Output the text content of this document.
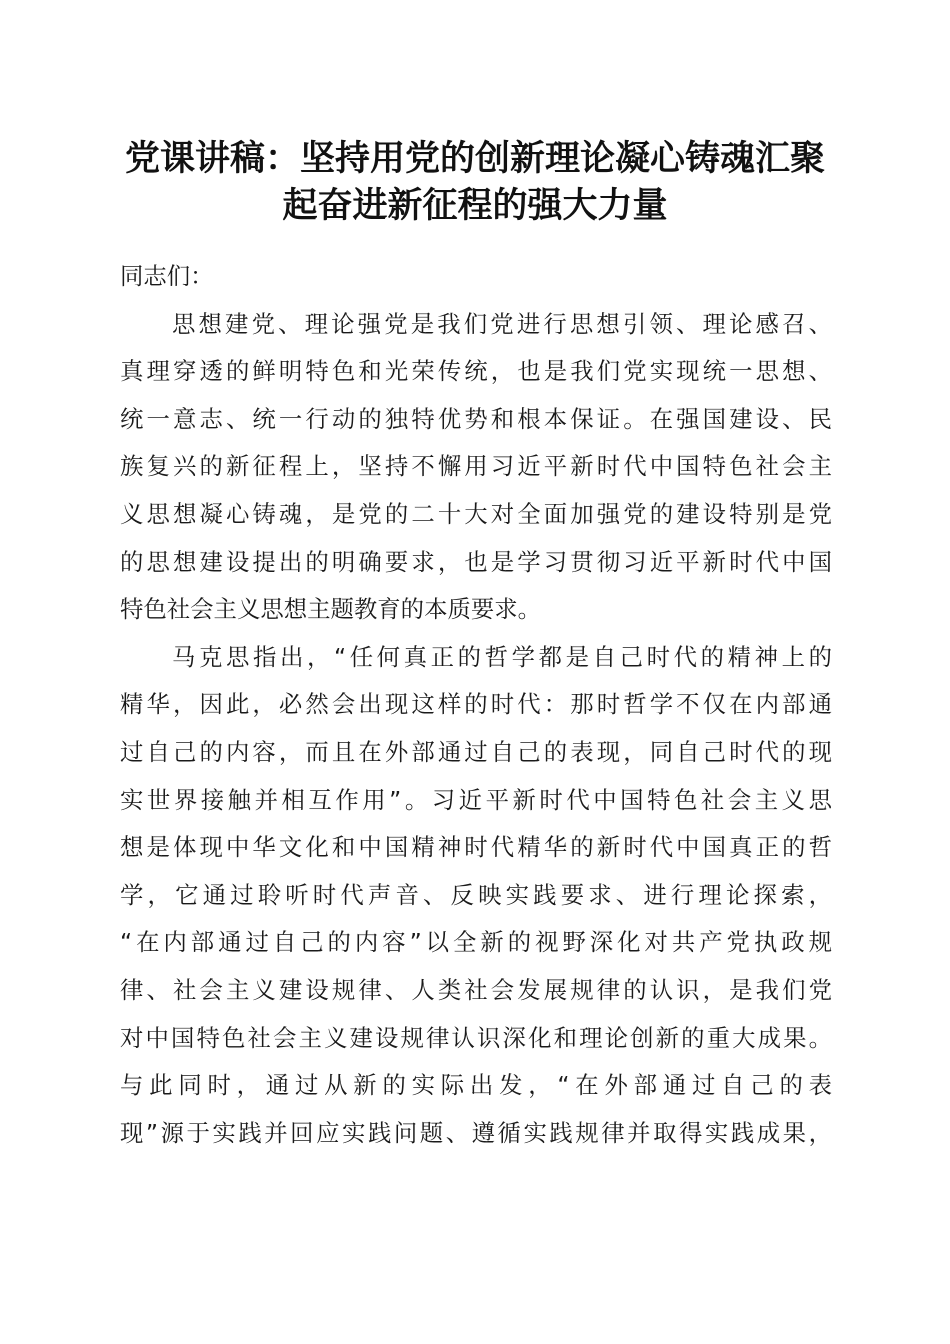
党课讲稿：坚持用党的创新理论凝心铸魂汇聚
起奋进新征程的强大力量
同志们：
思想建党、理论强党是我们党进行思想引领、理论感召、
真理穿透的鲜明特色和光荣传统，也是我们党实现统一思想、
统一意志、统一行动的独特优势和根本保证。在强国建设、民
族复兴的新征程上，坚持不懈用习近平新时代中国特色社会主
义思想凝心铸魂，是党的二十大对全面加强党的建设特别是党
的思想建设提出的明确要求，也是学习贯彻习近平新时代中国
特色社会主义思想主题教育的本质要求。
马克思指出，“任何真正的哲学都是自己时代的精神上的
精华，因此，必然会出现这样的时代：那时哲学不仅在内部通
过自己的内容，而且在外部通过自己的表现，同自己时代的现
实世界接触并相互作用”。习近平新时代中国特色社会主义思
想是体现中华文化和中国精神时代精华的新时代中国真正的哲
学，它通过聆听时代声音、反映实践要求、进行理论探索，
“在内部通过自己的内容”以全新的视野深化对共产党执政规
律、社会主义建设规律、人类社会发展规律的认识，是我们党
对中国特色社会主义建设规律认识深化和理论创新的重大成果。
与此同时，通过从新的实际出发，“在外部通过自己的表
现”源于实践并回应实践问题、遵循实践规律并取得实践成果，
